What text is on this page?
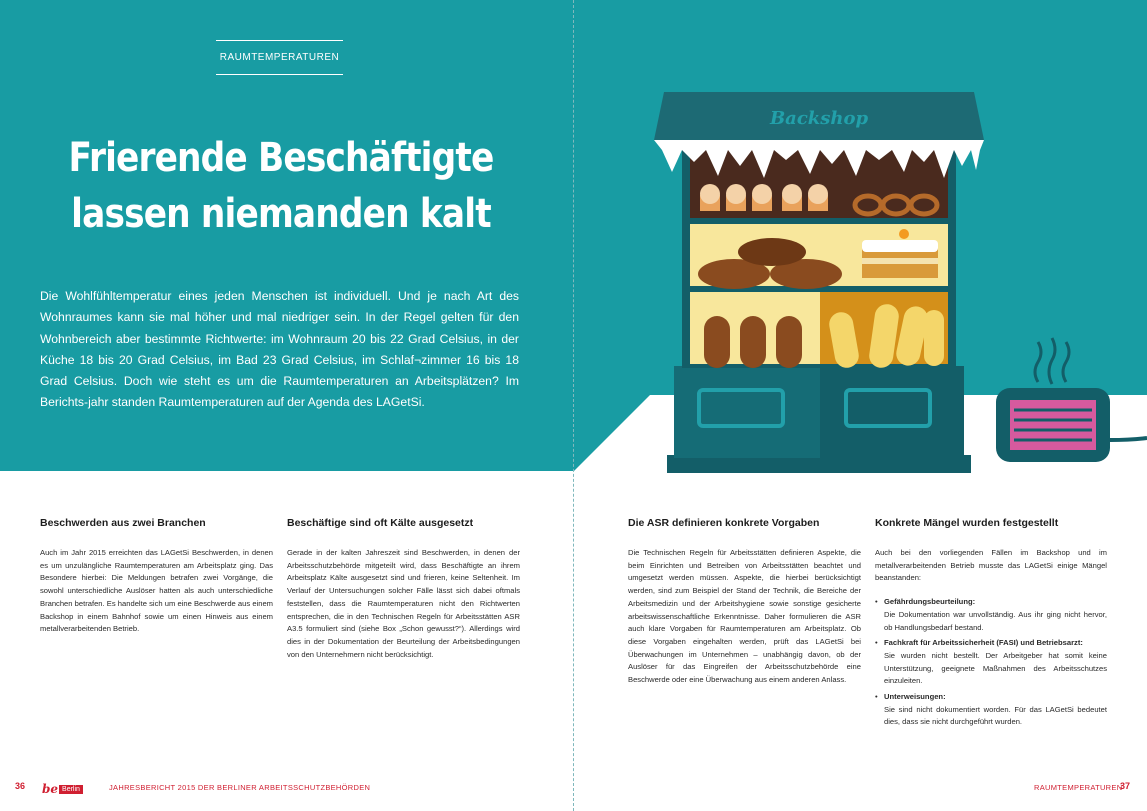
RAUMTEMPERATUREN
Frierende Beschäftigte
lassen niemanden kalt

Die Wohlfühltemperatur eines jeden Menschen ist individuell. Und je nach Art des Wohnraumes kann sie mal höher und mal niedriger sein. In der Regel gelten für den Wohnbereich aber bestimmte Richtwerte: im Wohnraum 20 bis 22 Grad Celsius, in der Küche 18 bis 20 Grad Celsius, im Bad 23 Grad Celsius, im Schlaf¬zimmer 16 bis 18 Grad Celsius. Doch wie steht es um die Raumtemperaturen an Arbeitsplätzen? Im Berichts-jahr standen Raumtemperaturen auf der Agenda des LAGetSi.

Backshop
Beschwerden aus zwei Branchen

Auch im Jahr 2015 erreichten das LAGetSi Beschwerden, in denen es um unzulängliche Raumtemperaturen am Arbeitsplatz ging. Das Besondere hierbei: Die Meldungen betrafen zwei Vorgänge, die sowohl unterschiedliche Auslöser hatten als auch unterschiedliche Branchen betrafen. Es handelte sich um eine Beschwerde aus einem Backshop in einem Bahnhof sowie um einen Hinweis aus einem metallverarbeitenden Betrieb.

Beschäftige sind oft Kälte ausgesetzt

Gerade in der kalten Jahreszeit sind Beschwerden, in denen der Arbeitsschutzbehörde mitgeteilt wird, dass Beschäftigte an ihrem Arbeitsplatz Kälte ausgesetzt sind und frieren, keine Seltenheit. Im Verlauf der Untersuchungen solcher Fälle lässt sich dabei oftmals feststellen, dass die Raumtemperaturen nicht den Richtwerten entsprechen, die in den Technischen Regeln für Arbeitsstätten ASR A3.5 formuliert sind (siehe Box „Schon gewusst?“). Allerdings wird dies in der Dokumentation der Beurteilung der Arbeitsbedingungen von den Unternehmern nicht berücksichtigt.

Die ASR definieren konkrete Vorgaben

Die Technischen Regeln für Arbeitsstätten definieren Aspekte, die beim Einrichten und Betreiben von Arbeitsstätten beachtet und umgesetzt werden müssen. Aspekte, die hierbei berücksichtigt werden, sind zum Beispiel der Stand der Technik, die Bereiche der Arbeitsmedizin und der Arbeitshygiene sowie sonstige gesicherte arbeitswissenschaftliche Erkenntnisse. Daher formulieren die ASR auch klare Vorgaben für Raumtemperaturen am Arbeitsplatz. Ob diese Vorgaben eingehalten werden, prüft das LAGetSi bei Überwachungen im Unternehmen – unabhängig davon, ob der Auslöser für das Eingreifen der Arbeitsschutzbehörde eine Beschwerde oder eine Überwachung aus einem anderen Anlass.

Konkrete Mängel wurden festgestellt

Auch bei den vorliegenden Fällen im Backshop und im metallverarbeitenden Betrieb musste das LAGetSi einige Mängel beanstanden:

• Gefährdungsbeurteilung:
Die Dokumentation war unvollständig. Aus ihr ging nicht hervor, ob Handlungsbedarf bestand.
• Fachkraft für Arbeitssicherheit (FASI) und Betriebsarzt:
Sie wurden nicht bestellt. Der Arbeitgeber hat somit keine Unterstützung, geeignete Maßnahmen des Arbeitsschutzes einzuleiten.
• Unterweisungen:
Sie sind nicht dokumentiert worden. Für das LAGetSi bedeutet dies, dass sie nicht durchgeführt wurden.
36 be Berlin	JAHRESBERICHT 2015 DER BERLINER ARBEITSSCHUTZBEHÖRDEN	RAUMTEMPERATUREN
37
